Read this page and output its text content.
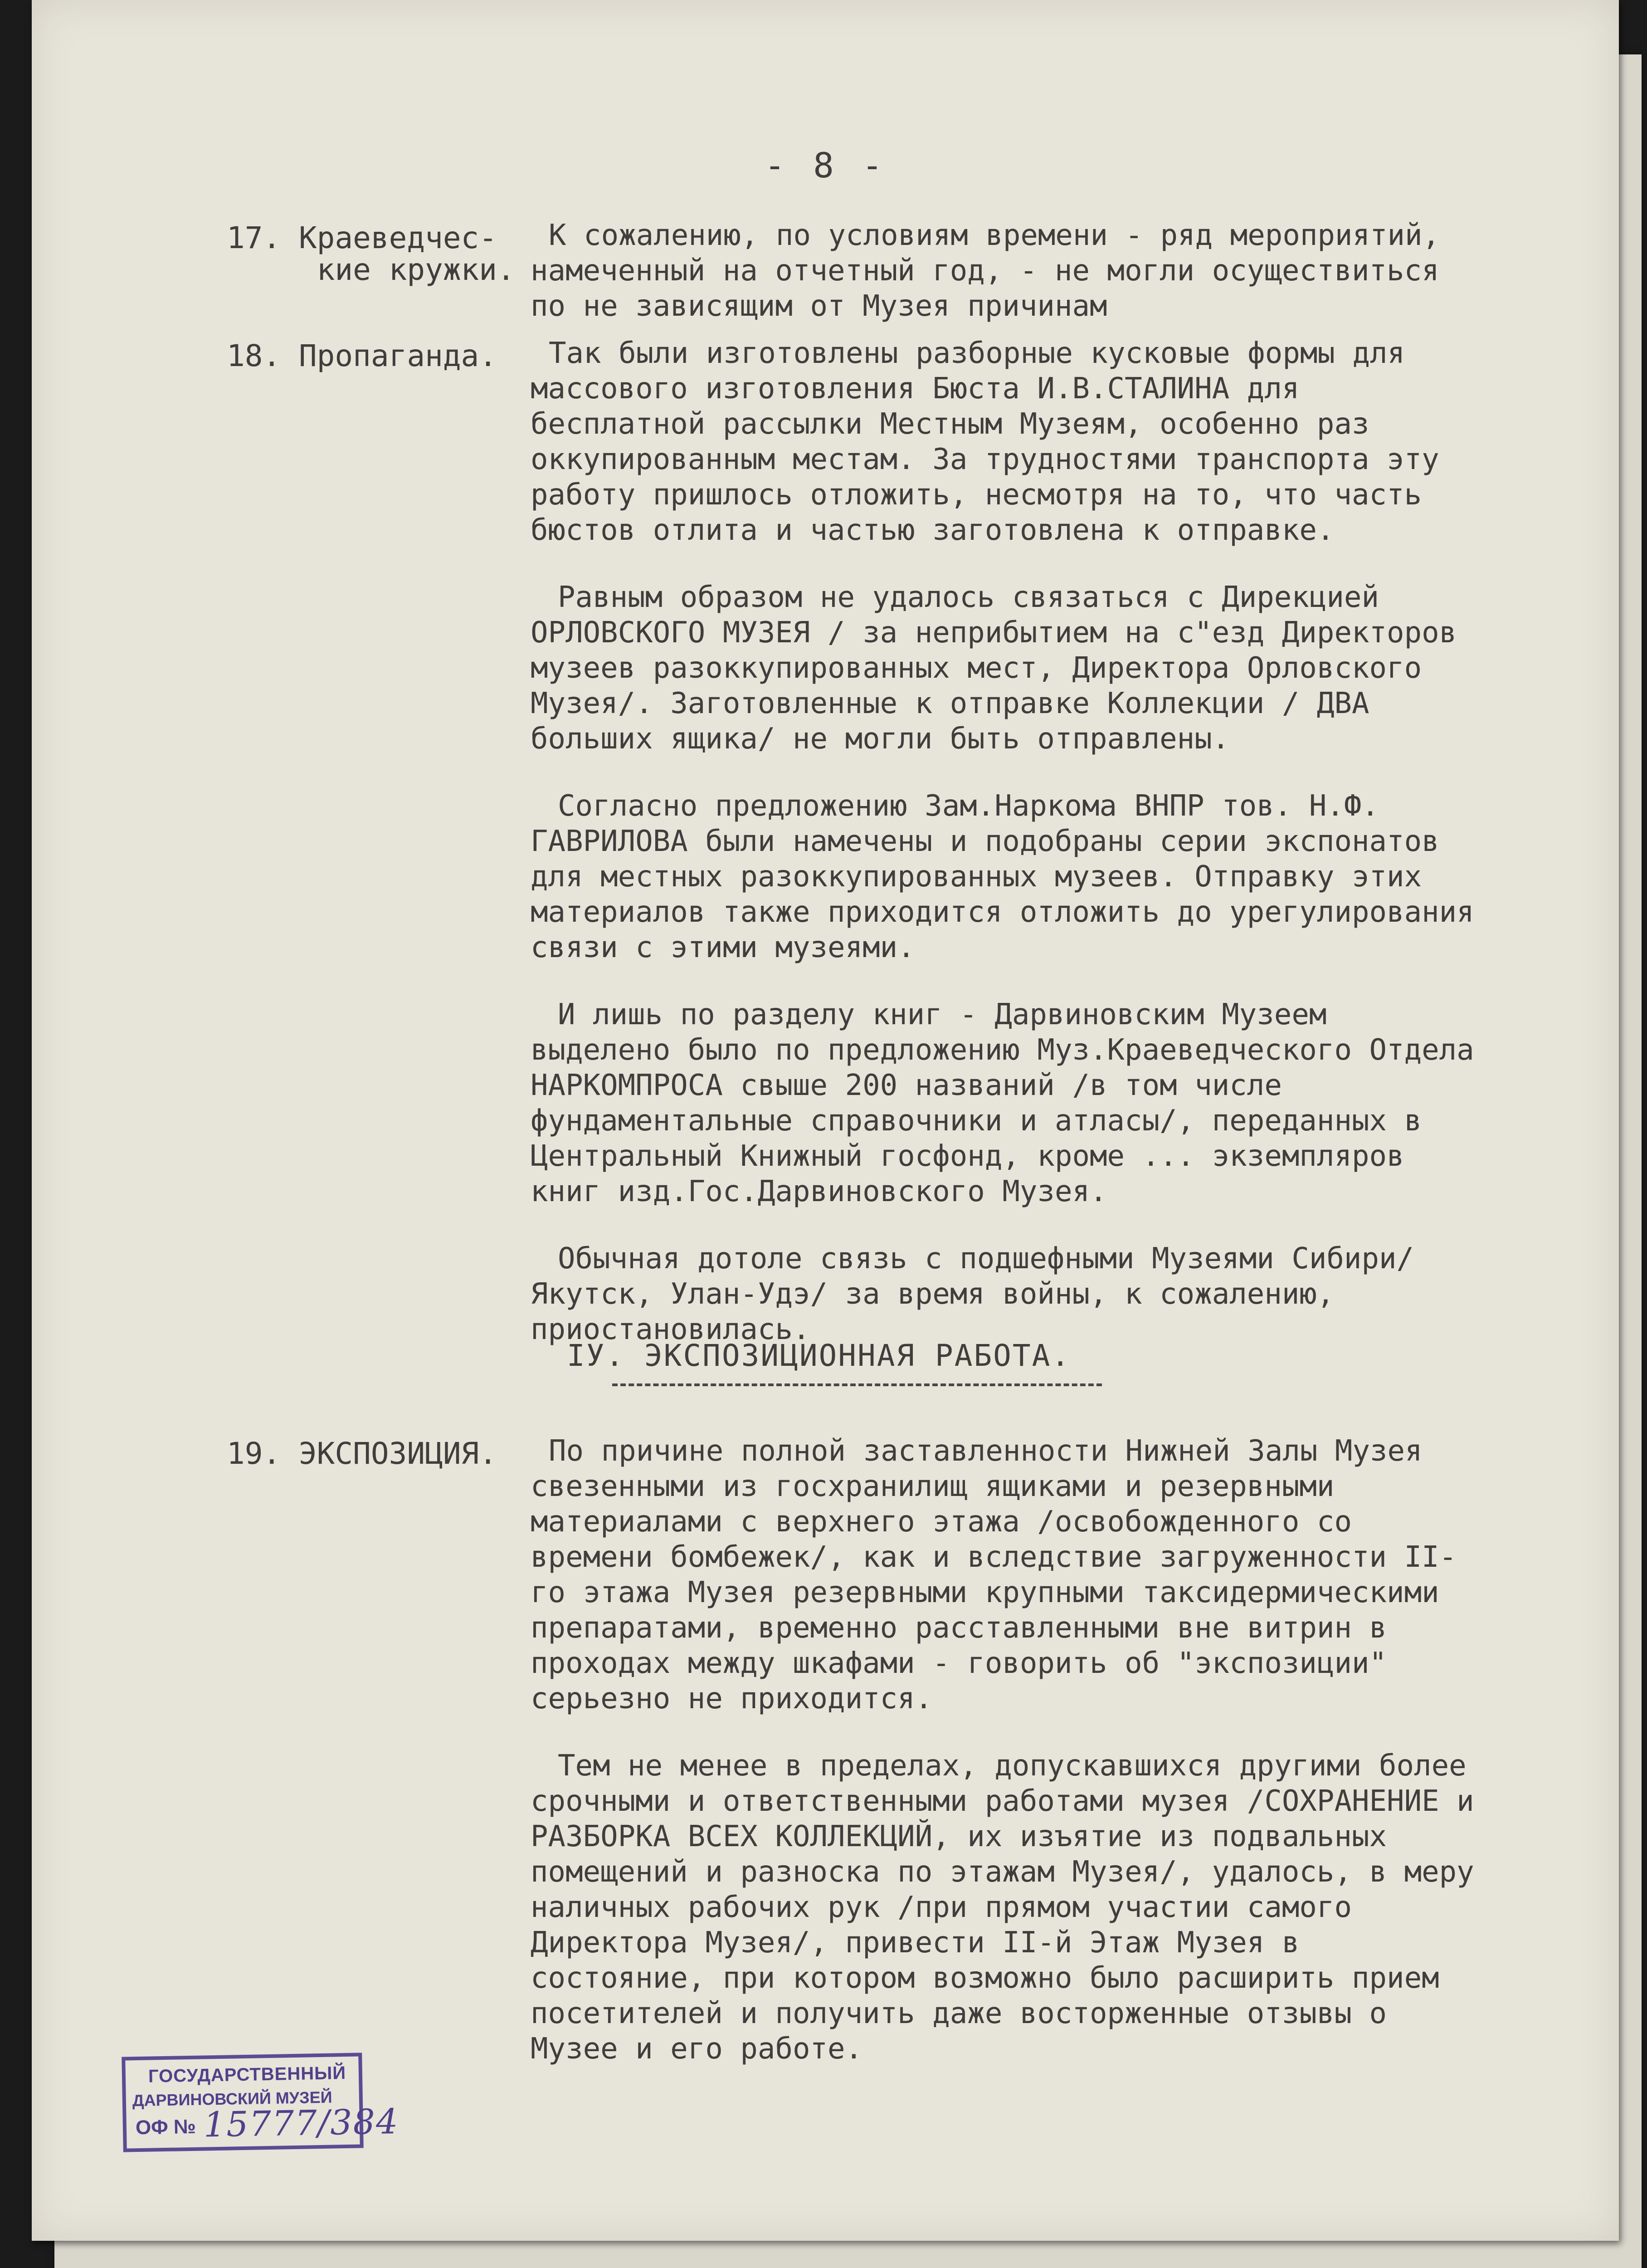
- 8 -
17. Краеведчес-
кие кружки.

К сожалению, по условиям времени - ряд мероприятий, намеченный на отчетный год, - не могли осуществиться по не зависящим от Музея причинам

18. Пропаганда.	Так были изготовлены разборные кусковые формы для массового изготовления Бюста И.В.СТАЛИНА для бесплатной рассылки Местным Музеям, особенно раз оккупированным местам. За трудностями транспорта эту работу пришлось отложить, несмотря на то, что часть бюстов отлита и частью заготовлена к отправке.

Равным образом не удалось связаться с Дирекцией ОРЛОВСКОГО МУЗЕЯ / за неприбытием на с"езд Директоров музеев разоккупированных мест, Директора Орловского Музея/. Заготовленные к отправке Коллекции / ДВА больших ящика/ не могли быть отправлены.

Согласно предложению Зам.Наркома ВНПР тов. Н.Ф. ГАВРИЛОВА были намечены и подобраны серии экспонатов для местных разоккупированных музеев. Отправку этих материалов также приходится отложить до урегулирования связи с этими музеями.

И лишь по разделу книг - Дарвиновским Музеем выделено было по предложению Муз.Краеведческого Отдела НАРКОМПРОСА свыше 200 названий /в том числе фундаментальные справочники и атласы/, переданных в Центральный Книжный госфонд, кроме ... экземпляров книг изд.Гос.Дарвиновского Музея.

Обычная дотоле связь с подшефными Музеями Сибири/ Якутск, Улан-Удэ/ за время войны, к сожалению, приостановилась.

IУ. ЭКСПОЗИЦИОННАЯ РАБОТА.
19. ЭКСПОЗИЦИЯ.	По причине полной заставленности Нижней Залы Музея свезенными из госхранилищ ящиками и резервными материалами с верхнего этажа /освобожденного со времени бомбежек/, как и вследствие загруженности II-го этажа Музея резервными крупными таксидермическими препаратами, временно расставленными вне витрин в проходах между шкафами - говорить об "экспозиции" серьезно не приходится.

Тем не менее в пределах, допускавшихся другими более срочными и ответственными работами музея /СОХРАНЕНИЕ и РАЗБОРКА ВСЕХ КОЛЛЕКЦИЙ, их изъятие из подвальных помещений и разноска по этажам Музея/, удалось, в меру наличных рабочих рук /при прямом участии самого Директора Музея/, привести II-й Этаж Музея в состояние, при котором возможно было расширить прием посетителей и получить даже восторженные отзывы о Музее и его работе.

ГОСУДАРСТВЕННЫЙ
ДАРВИНОВСКИЙ МУЗЕЙ
ОФ № 15777/384
